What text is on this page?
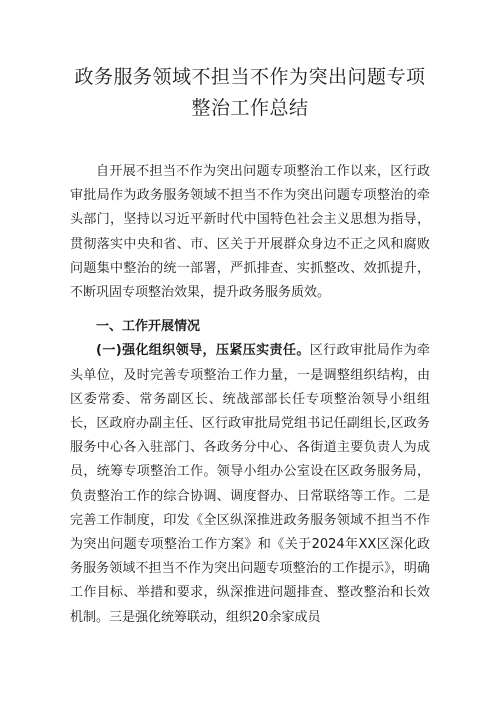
政务服务领域不担当不作为突出问题专项
整治工作总结

自开展不担当不作为突出问题专项整治工作以来，区行政审批局作为政务服务领域不担当不作为突出问题专项整治的牵头部门，坚持以习近平新时代中国特色社会主义思想为指导，贯彻落实中央和省、市、区关于开展群众身边不正之风和腐败问题集中整治的统一部署，严抓排查、实抓整改、效抓提升，不断巩固专项整治效果，提升政务服务质效。

一、工作开展情况

(一)强化组织领导，压紧压实责任。区行政审批局作为牵头单位，及时完善专项整治工作力量，一是调整组织结构，由区委常委、常务副区长、统战部部长任专项整治领导小组组长，区政府办副主任、区行政审批局党组书记任副组长,区政务服务中心各入驻部门、各政务分中心、各街道主要负责人为成员，统筹专项整治工作。领导小组办公室设在区政务服务局，负责整治工作的综合协调、调度督办、日常联络等工作。二是完善工作制度，印发《全区纵深推进政务服务领域不担当不作为突出问题专项整治工作方案》和《关于2024年XX区深化政务服务领域不担当不作为突出问题专项整治的工作提示》，明确工作目标、举措和要求，纵深推进问题排查、整改整治和长效机制。三是强化统筹联动，组织20余家成员
